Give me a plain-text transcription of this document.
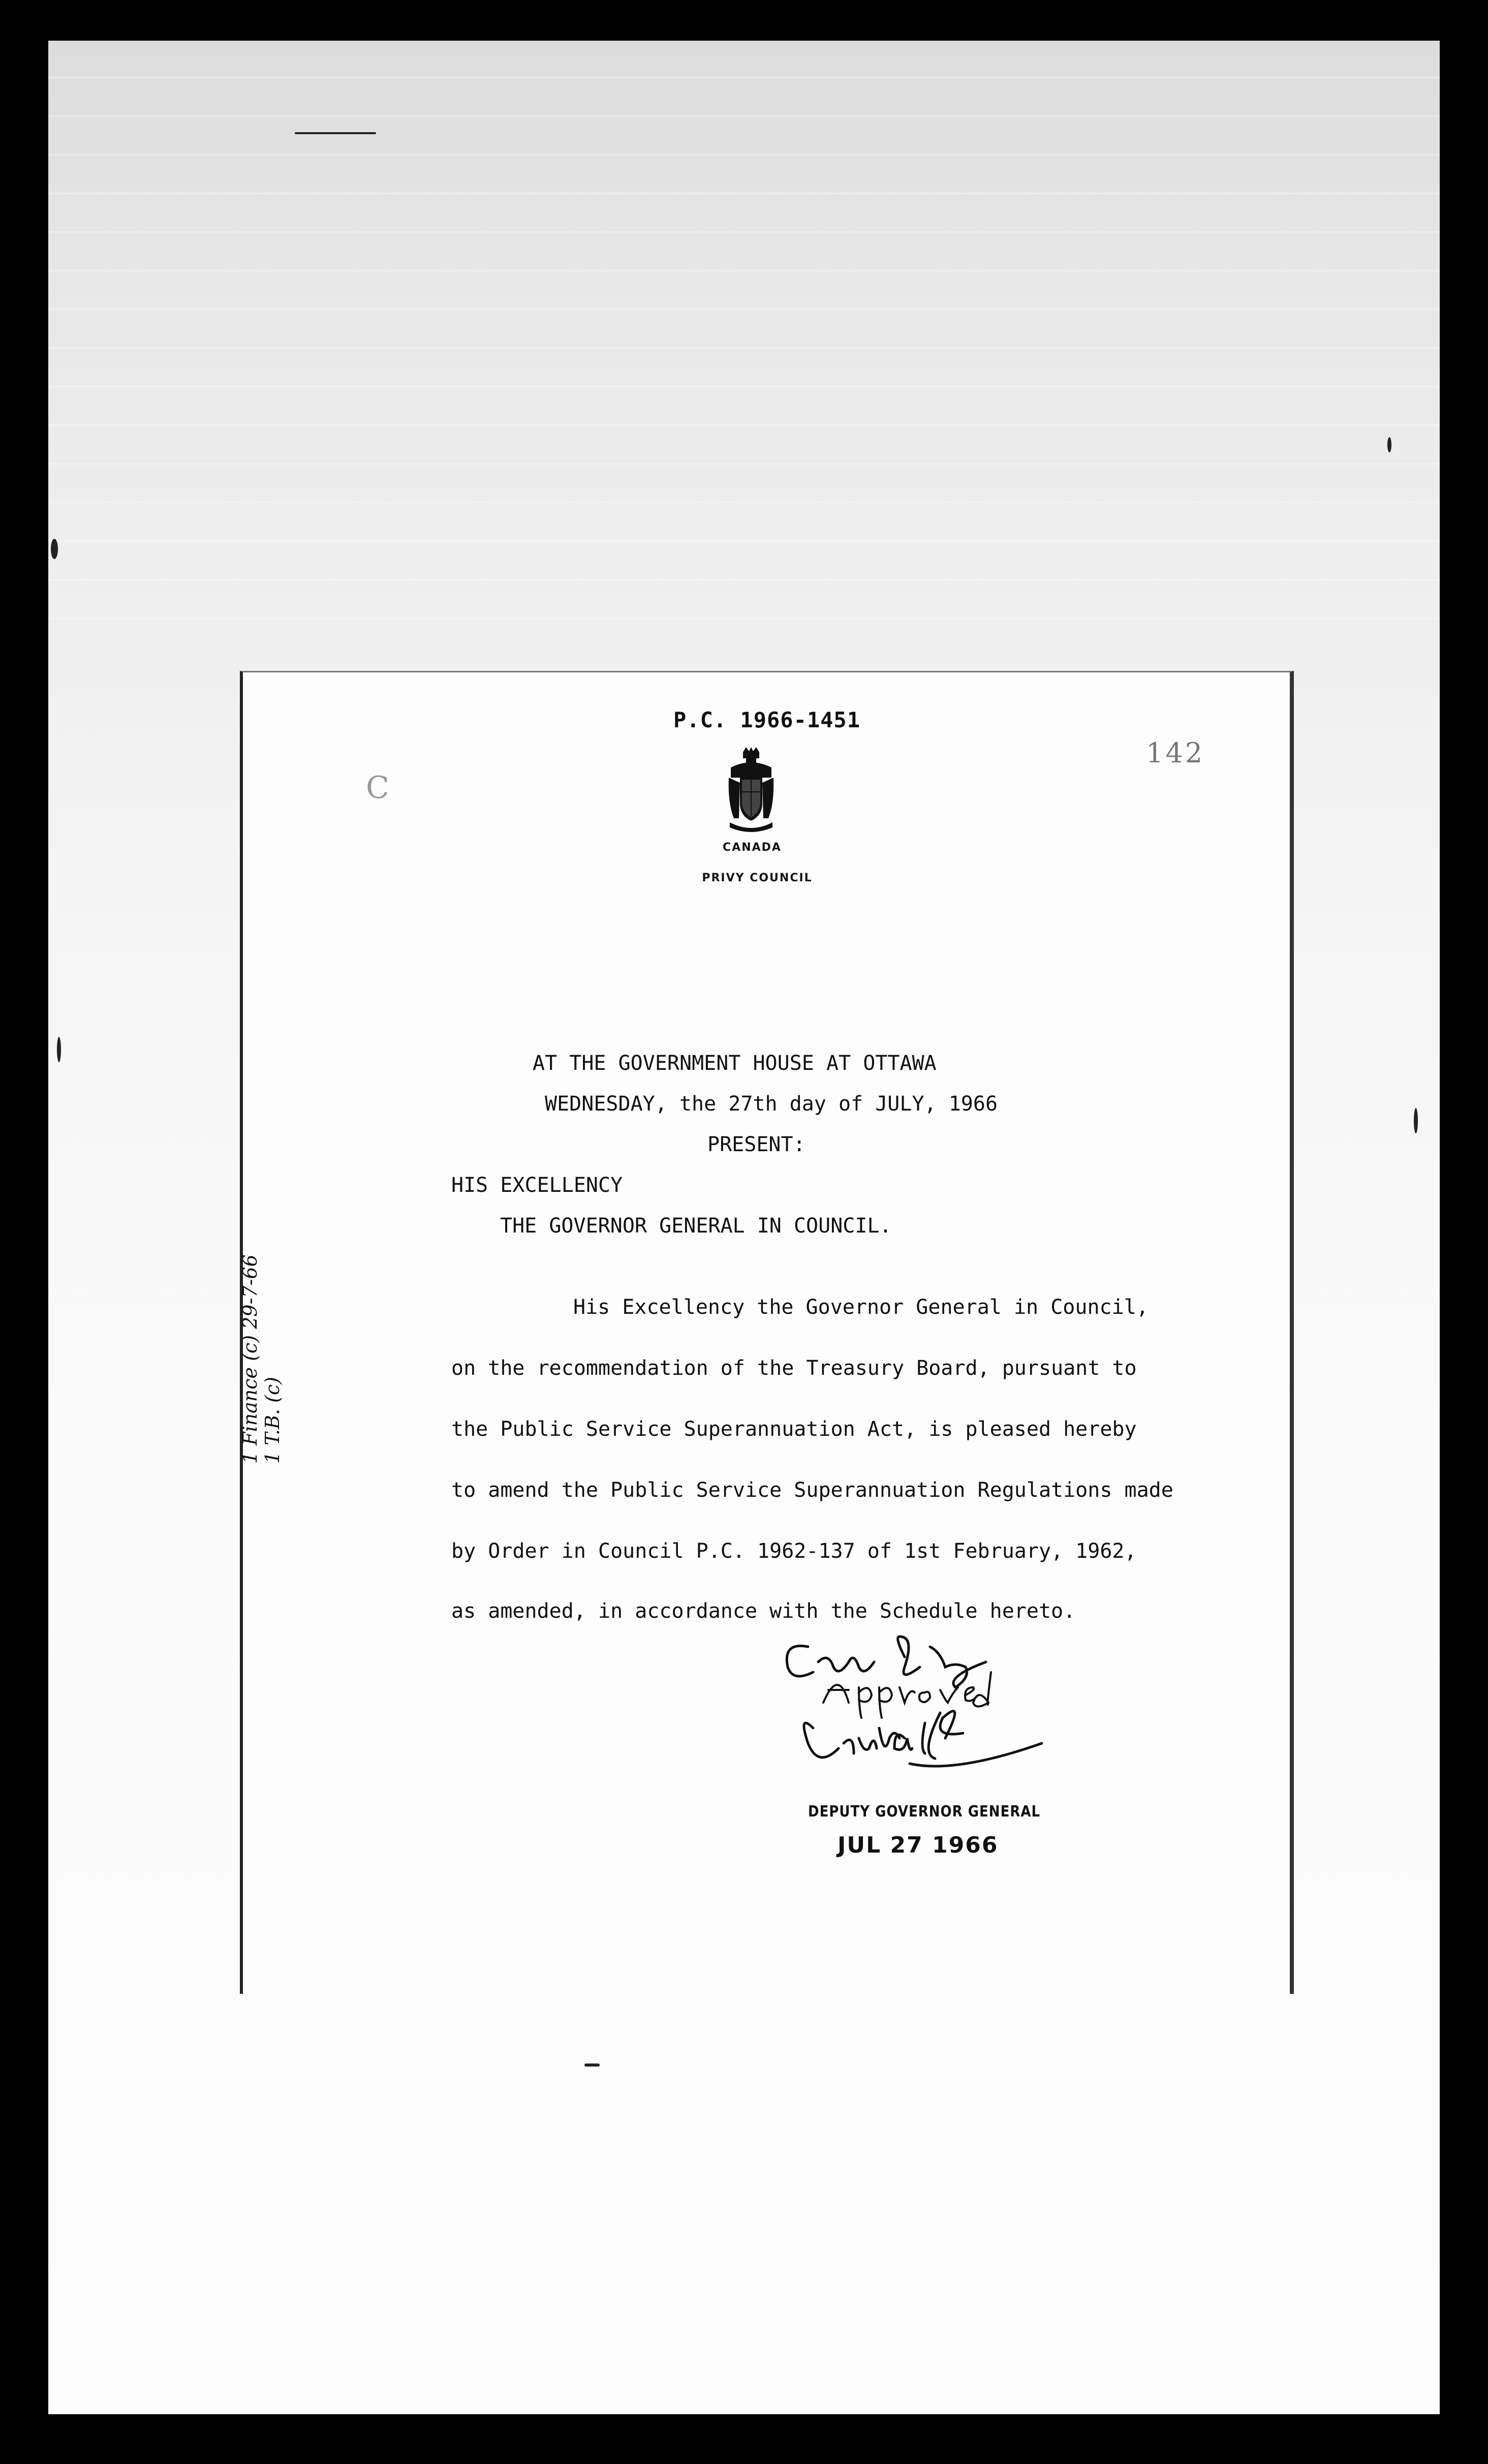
P.C. 1966-1451
142
C
CANADA
PRIVY COUNCIL
AT THE GOVERNMENT HOUSE AT OTTAWA
WEDNESDAY, the 27th day of JULY, 1966
PRESENT:
HIS EXCELLENCY
THE GOVERNOR GENERAL IN COUNCIL.
His Excellency the Governor General in Council,
on the recommendation of the Treasury Board, pursuant to
the Public Service Superannuation Act, is pleased hereby
to amend the Public Service Superannuation Regulations made
by Order in Council P.C. 1962-137 of 1st February, 1962,
as amended, in accordance with the Schedule hereto.
1 Finance (c) 29-7-66 1 T.B. (c)
DEPUTY GOVERNOR GENERAL
JUL 27 1966
